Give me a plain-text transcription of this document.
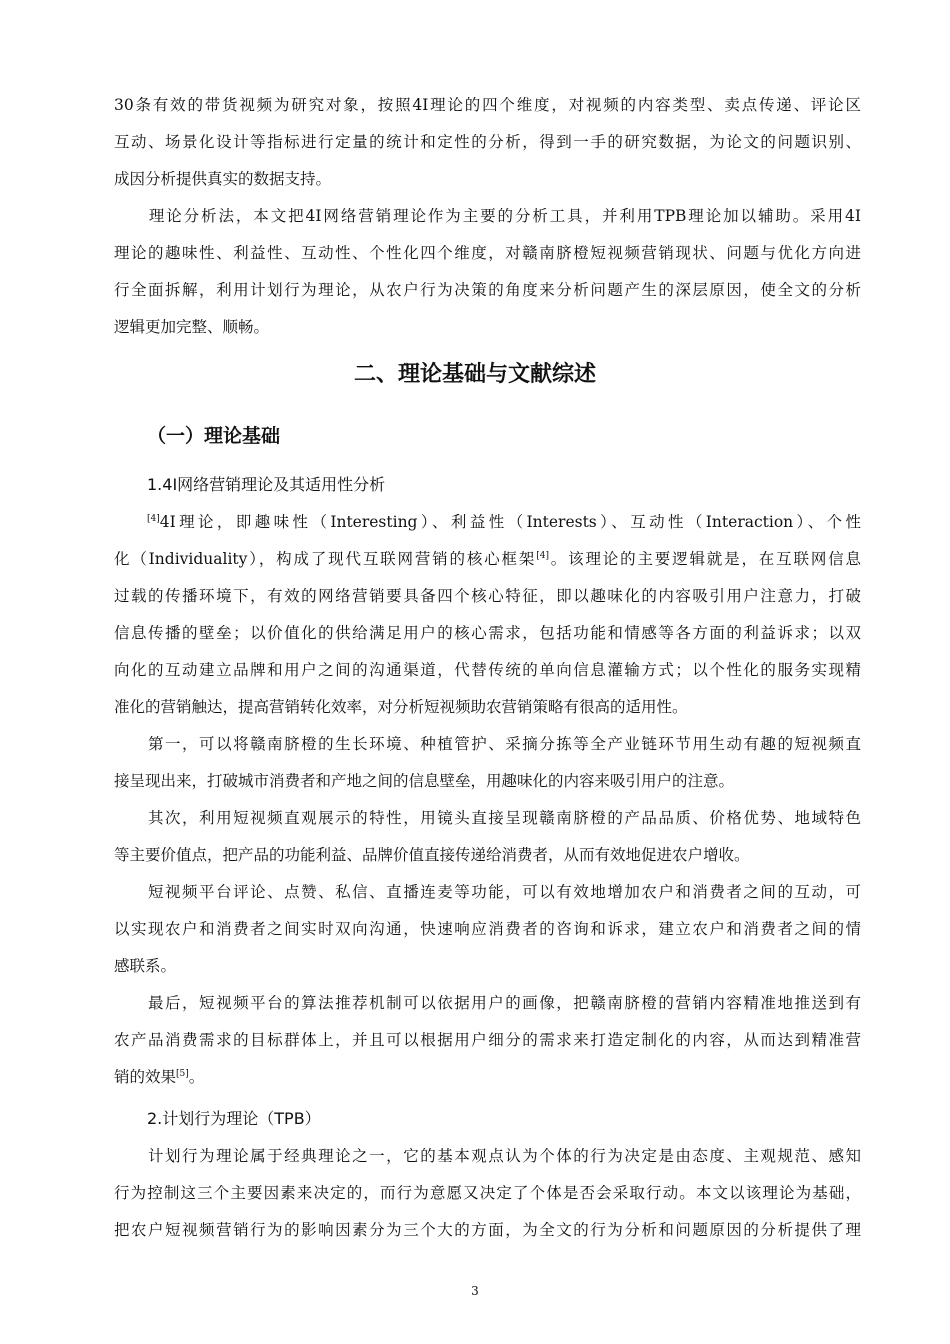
30条有效的带货视频为研究对象，按照4I理论的四个维度，对视频的内容类型、卖点传递、评论区
互动、场景化设计等指标进行定量的统计和定性的分析，得到一手的研究数据，为论文的问题识别、
成因分析提供真实的数据支持。
　　理论分析法，本文把4I网络营销理论作为主要的分析工具，并利用TPB理论加以辅助。采用4I
理论的趣味性、利益性、互动性、个性化四个维度，对赣南脐橙短视频营销现状、问题与优化方向进
行全面拆解，利用计划行为理论，从农户行为决策的角度来分析问题产生的深层原因，使全文的分析
逻辑更加完整、顺畅。
二、理论基础与文献综述
（一）理论基础
1.4I网络营销理论及其适用性分析
[4]4I理论，即趣味性（Interesting）、利益性（Interests）、互动性（Interaction）、个性
化（Individuality），构成了现代互联网营销的核心框架[4]。该理论的主要逻辑就是，在互联网信息
过载的传播环境下，有效的网络营销要具备四个核心特征，即以趣味化的内容吸引用户注意力，打破
信息传播的壁垒；以价值化的供给满足用户的核心需求，包括功能和情感等各方面的利益诉求；以双
向化的互动建立品牌和用户之间的沟通渠道，代替传统的单向信息灌输方式；以个性化的服务实现精
准化的营销触达，提高营销转化效率，对分析短视频助农营销策略有很高的适用性。
　　第一，可以将赣南脐橙的生长环境、种植管护、采摘分拣等全产业链环节用生动有趣的短视频直
接呈现出来，打破城市消费者和产地之间的信息壁垒，用趣味化的内容来吸引用户的注意。
　　其次，利用短视频直观展示的特性，用镜头直接呈现赣南脐橙的产品品质、价格优势、地域特色
等主要价值点，把产品的功能利益、品牌价值直接传递给消费者，从而有效地促进农户增收。
　　短视频平台评论、点赞、私信、直播连麦等功能，可以有效地增加农户和消费者之间的互动，可
以实现农户和消费者之间实时双向沟通，快速响应消费者的咨询和诉求，建立农户和消费者之间的情
感联系。
　　最后，短视频平台的算法推荐机制可以依据用户的画像，把赣南脐橙的营销内容精准地推送到有
农产品消费需求的目标群体上，并且可以根据用户细分的需求来打造定制化的内容，从而达到精准营
销的效果[5]。
2.计划行为理论（TPB）
　　计划行为理论属于经典理论之一，它的基本观点认为个体的行为决定是由态度、主观规范、感知
行为控制这三个主要因素来决定的，而行为意愿又决定了个体是否会采取行动。本文以该理论为基础，
把农户短视频营销行为的影响因素分为三个大的方面，为全文的行为分析和问题原因的分析提供了理
3
